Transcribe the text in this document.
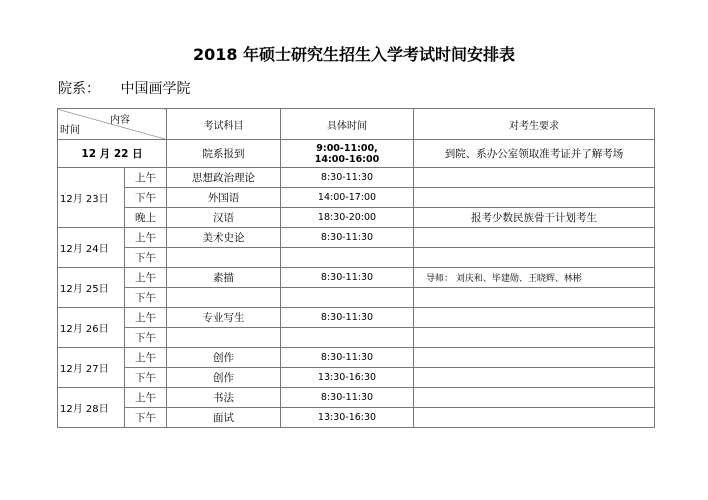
2018 年硕士研究生招生入学考试时间安排表
院系： 中国画学院
内容
时间		考试科目	具体时间	对考生要求
12 月 22 日		院系报到	9:00-11:00,
14:00-16:00	到院、系办公室领取准考证并了解考场
12月 23日	上午	思想政治理论	8:30-11:30	
	下午	外国语	14:00-17:00	
	晚上	汉语	18:30-20:00	报考少数民族骨干计划考生
12月 24日	上午	美术史论	8:30-11:30	
	下午			
12月 25日	上午	素描	8:30-11:30	导师： 刘庆和、毕建勋、王晓辉、林彬
	下午			
12月 26日	上午	专业写生	8:30-11:30	
	下午			
12月 27日	上午	创作	8:30-11:30	
	下午	创作	13:30-16:30	
12月 28日	上午	书法	8:30-11:30	
	下午	面试	13:30-16:30	
